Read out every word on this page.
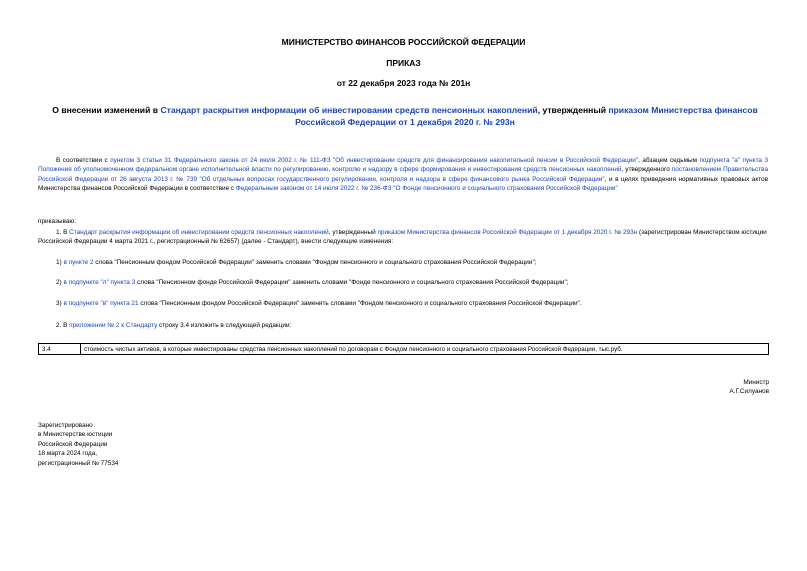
МИНИСТЕРСТВО ФИНАНСОВ РОССИЙСКОЙ ФЕДЕРАЦИИ
ПРИКАЗ
от 22 декабря 2023 года № 201н
О внесении изменений в Стандарт раскрытия информации об инвестировании средств пенсионных накоплений, утвержденный приказом Министерства финансов Российской Федерации от 1 декабря 2020 г. № 293н
В соответствии с пунктом 3 статьи 31 Федерального закона от 24 июля 2002 г. № 111-ФЗ "Об инвестировании средств для финансирования накопительной пенсии в Российской Федерации", абзацем седьмым подпункта "а" пункта 3 Положения об уполномоченном федеральном органе исполнительной власти по регулированию, контролю и надзору в сфере формирования и инвестирования средств пенсионных накоплений, утвержденного постановлением Правительства Российской Федерации от 26 августа 2013 г. № 739 "Об отдельных вопросах государственного регулирования, контроля и надзора в сфере финансового рынка Российской Федерации", и в целях приведения нормативных правовых актов Министерства финансов Российской Федерации в соответствие с Федеральным законом от 14 июля 2022 г. № 236-ФЗ "О Фонде пенсионного и социального страхования Российской Федерации"
приказываю:
1. В Стандарт раскрытия информации об инвестировании средств пенсионных накоплений, утвержденный приказом Министерства финансов Российской Федерации от 1 декабря 2020 г. № 293н (зарегистрирован Министерством юстиции Российской Федерации 4 марта 2021 г., регистрационный № 62657) (далее - Стандарт), внести следующие изменения:
1) в пункте 2 слова "Пенсионным фондом Российской Федерации" заменить словами "Фондом пенсионного и социального страхования Российской Федерации";
2) в подпункте "л" пункта 3 слова "Пенсионном фонде Российской Федерации" заменить словами "Фонде пенсионного и социального страхования Российской Федерации";
3) в подпункте "в" пункта 21 слова "Пенсионным фондом Российской Федерации" заменить словами "Фондом пенсионного и социального страхования Российской Федерации".
2. В приложении № 2 к Стандарту строку 3.4 изложить в следующей редакции:
3.4	стоимость чистых активов, в которые инвестированы средства пенсионных накоплений по договорам с Фондом пенсионного и социального страхования Российской Федерации, тыс.руб.
Министр
А.Г.Силуанов
Зарегистрировано
в Министерстве юстиции
Российской Федерации
18 марта 2024 года,
регистрационный № 77534
